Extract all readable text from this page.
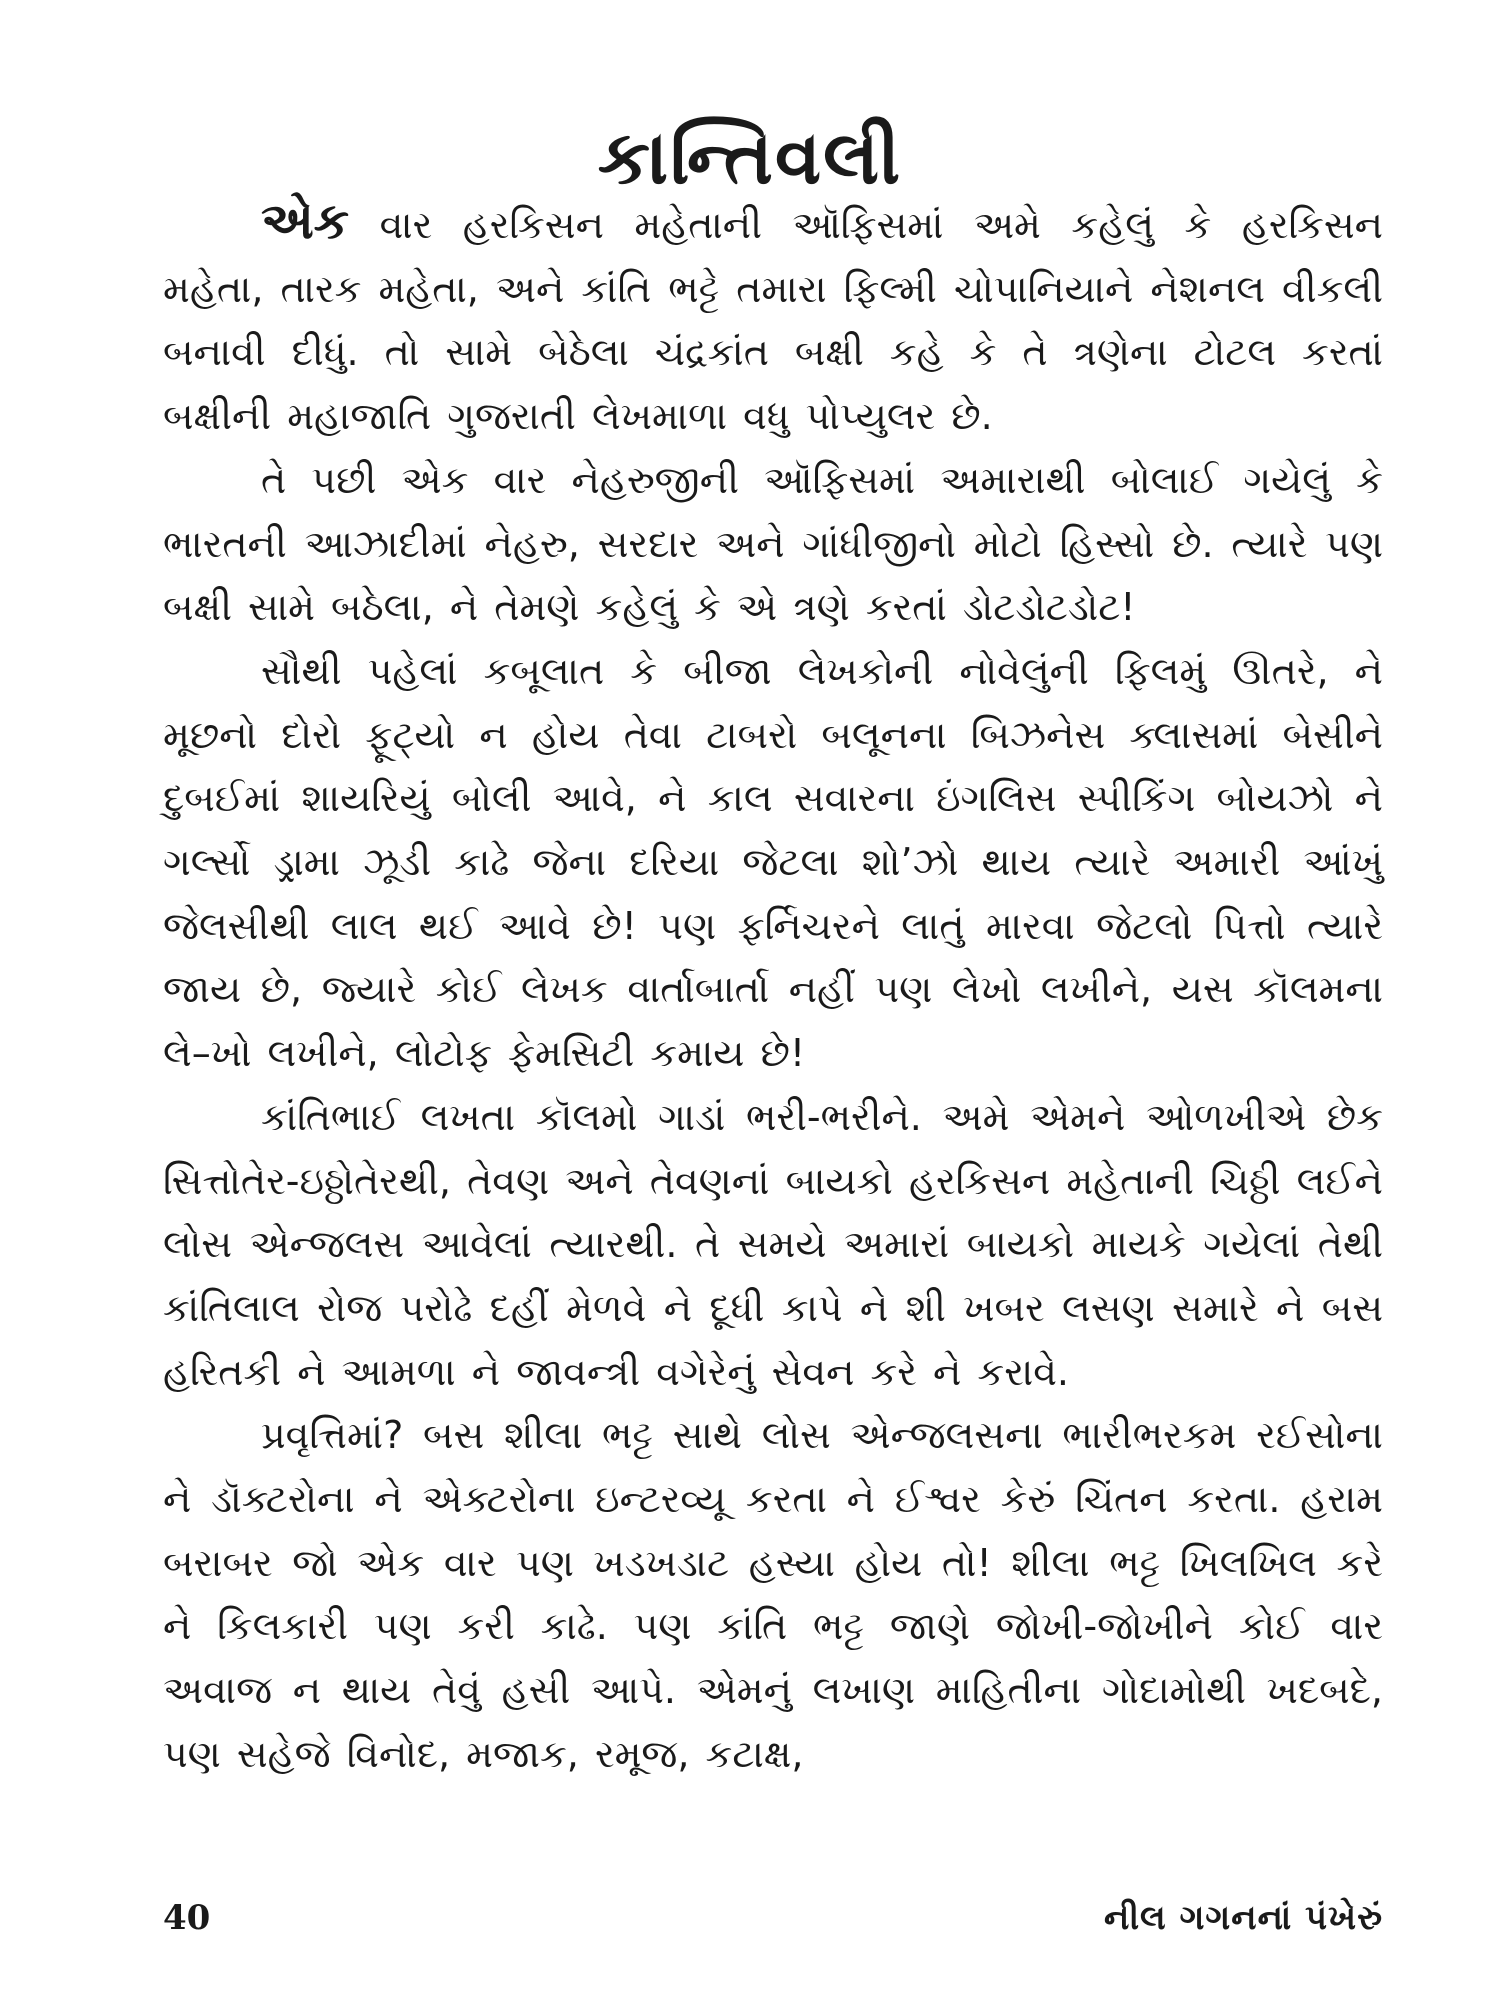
કાન્તિવલી

એક વાર હરકિસન મહેતાની ઑફિસમાં અમે કહેલું કે હરકિસન મહેતા, તારક મહેતા, અને કાંતિ ભટ્ટે તમારા ફિલ્મી ચોપાનિયાને નેશનલ વીકલી બનાવી દીધું. તો સામે બેઠેલા ચંદ્રકાંત બક્ષી કહે કે તે ત્રણેના ટોટલ કરતાં બક્ષીની મહાજાતિ ગુજરાતી લેખમાળા વધુ પોપ્યુલર છે.

તે પછી એક વાર નેહરુજીની ઑફિસમાં અમારાથી બોલાઈ ગયેલું કે ભારતની આઝાદીમાં નેહરુ, સરદાર અને ગાંધીજીનો મોટો હિસ્સો છે. ત્યારે પણ બક્ષી સામે બઠેલા, ને તેમણે કહેલું કે એ ત્રણે કરતાં ડોટડોટડોટ!

સૌથી પહેલાં કબૂલાત કે બીજા લેખકોની નોવેલુંની ફિલમું ઊતરે, ને મૂછનો દોરો ફૂટ્યો ન હોય તેવા ટાબરો બલૂનના બિઝનેસ ક્લાસમાં બેસીને દુબઈમાં શાયરિયું બોલી આવે, ને કાલ સવારના ઇંગલિસ સ્પીકિંગ બોયઝો ને ગર્લ્સો ડ્રામા ઝૂડી કાઢે જેના દરિયા જેટલા શો’ઝો થાય ત્યારે અમારી આંખું જેલસીથી લાલ થઈ આવે છે! પણ ફર્નિચરને લાતું મારવા જેટલો પિત્તો ત્યારે જાય છે, જ્યારે કોઈ લેખક વાર્તાબાર્તા નહીં પણ લેખો લખીને, યસ કૉલમના લે–ખો લખીને, લોટોફ ફેમસિટી કમાય છે!

કાંતિભાઈ લખતા કૉલમો ગાડાં ભરી-ભરીને. અમે એમને ઓળખીએ છેક સિત્તોતેર-ઇઠ્ઠોતેરથી, તેવણ અને તેવણનાં બાયકો હરકિસન મહેતાની ચિઠ્ઠી લઈને લોસ એન્જલસ આવેલાં ત્યારથી. તે સમયે અમારાં બાયકો માયકે ગયેલાં તેથી કાંતિલાલ રોજ પરોઢે દહીં મેળવે ને દૂધી કાપે ને શી ખબર લસણ સમારે ને બસ હરિતકી ને આમળા ને જાવન્ત્રી વગેરેનું સેવન કરે ને કરાવે.

પ્રવૃત્તિમાં? બસ શીલા ભટ્ટ સાથે લોસ એન્જલસના ભારીભરકમ રઈસોના ને ડૉક્ટરોના ને એક્ટરોના ઇન્ટરવ્યૂ કરતા ને ઈશ્વર કેરું ચિંતન કરતા. હરામ બરાબર જો એક વાર પણ ખડખડાટ હસ્યા હોય તો! શીલા ભટ્ટ ખિલખિલ કરે ને કિલકારી પણ કરી કાઢે. પણ કાંતિ ભટ્ટ જાણે જોખી-જોખીને કોઈ વાર અવાજ ન થાય તેવું હસી આપે. એમનું લખાણ માહિતીના ગોદામોથી ખદબદે, પણ સહેજે વિનોદ, મજાક, રમૂજ, કટાક્ષ,

40	નીલ ગગનનાં પંખેરું
